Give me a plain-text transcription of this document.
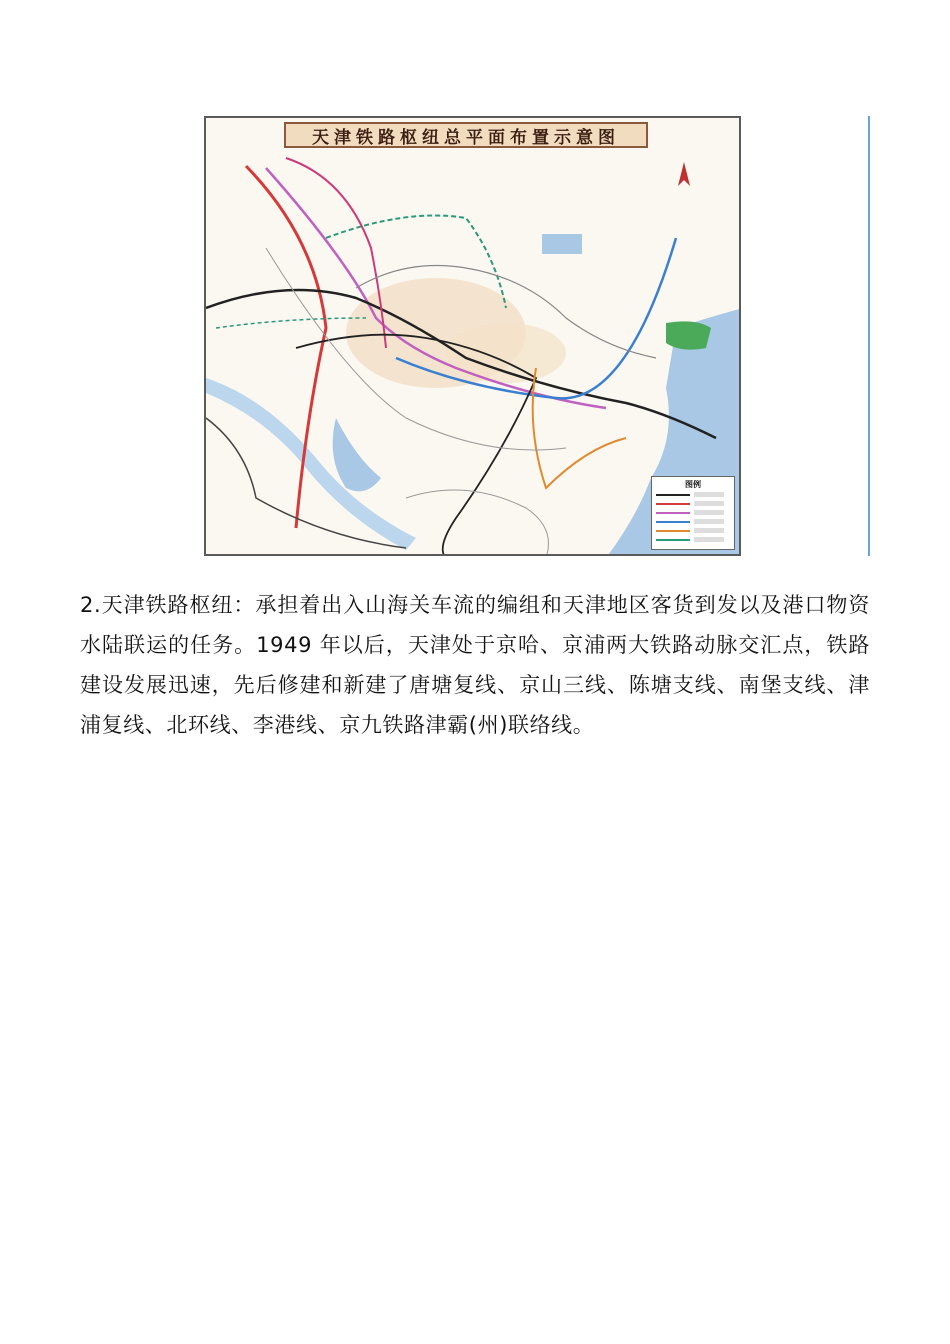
天津铁路枢纽总平面布置示意图
图例

2.天津铁路枢纽：承担着出入山海关车流的编组和天津地区客货到发以及港口物资水陆联运的任务。1949 年以后，天津处于京哈、京浦两大铁路动脉交汇点，铁路建设发展迅速，先后修建和新建了唐塘复线、京山三线、陈塘支线、南堡支线、津浦复线、北环线、李港线、京九铁路津霸(州)联络线。
